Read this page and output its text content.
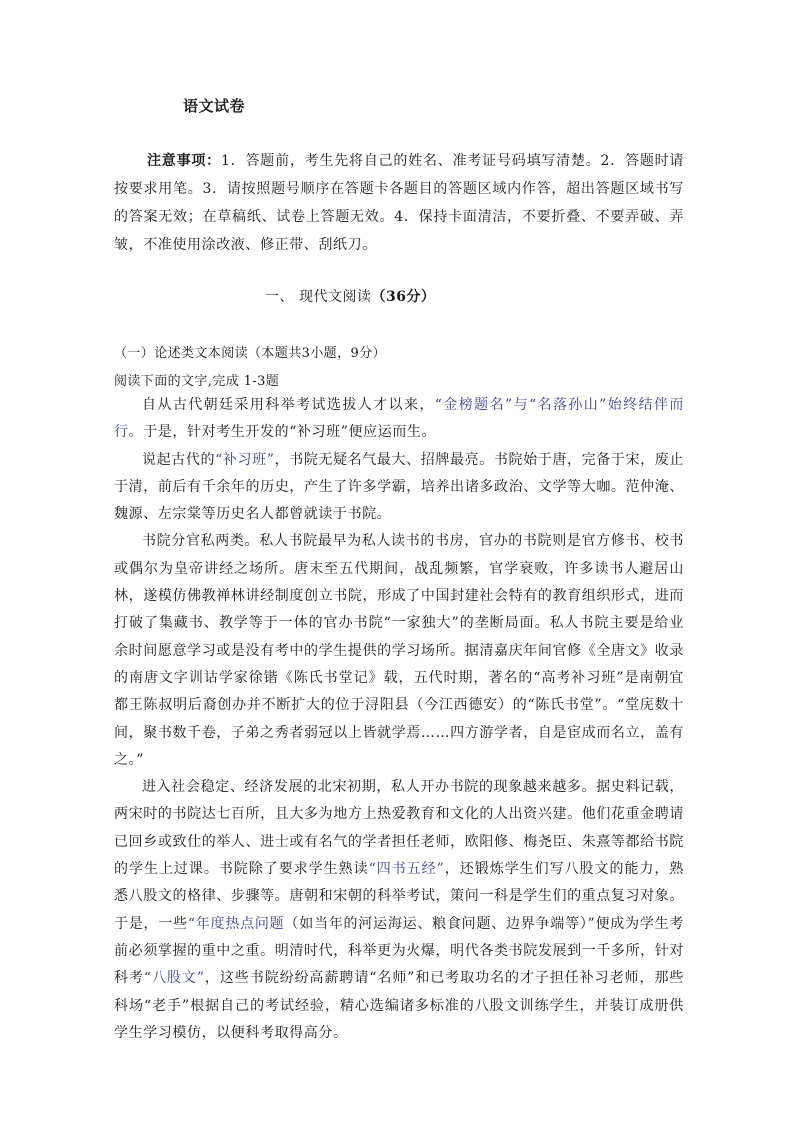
语文试卷
注意事项：1．答题前，考生先将自己的姓名、准考证号码填写清楚。2．答题时请按要求用笔。3．请按照题号顺序在答题卡各题目的答题区域内作答，超出答题区域书写的答案无效；在草稿纸、试卷上答题无效。4．保持卡面清洁，不要折叠、不要弄破、弄皱，不准使用涂改液、修正带、刮纸刀。
一、 现代文阅读（36分）
（一）论述类文本阅读（本题共3小题，9分）
阅读下面的文字,完成 1-3题

自从古代朝廷采用科举考试选拔人才以来，“金榜题名”与“名落孙山”始终结伴而行。于是，针对考生开发的“补习班”便应运而生。

说起古代的“补习班”，书院无疑名气最大、招牌最亮。书院始于唐，完备于宋，废止于清，前后有千余年的历史，产生了许多学霸，培养出诸多政治、文学等大咖。范仲淹、魏源、左宗棠等历史名人都曾就读于书院。

书院分官私两类。私人书院最早为私人读书的书房，官办的书院则是官方修书、校书或偶尔为皇帝讲经之场所。唐末至五代期间，战乱频繁，官学衰败，许多读书人避居山林，遂模仿佛教禅林讲经制度创立书院，形成了中国封建社会特有的教育组织形式，进而打破了集藏书、教学等于一体的官办书院“一家独大”的垄断局面。私人书院主要是给业余时间愿意学习或是没有考中的学生提供的学习场所。据清嘉庆年间官修《全唐文》收录的南唐文字训诂学家徐锴《陈氏书堂记》载，五代时期，著名的“高考补习班”是南朝宜都王陈叔明后裔创办并不断扩大的位于浔阳县（今江西德安）的“陈氏书堂”。“堂庑数十间，聚书数千卷，子弟之秀者弱冠以上皆就学焉……四方游学者，自是宦成而名立，盖有之。”

进入社会稳定、经济发展的北宋初期，私人开办书院的现象越来越多。据史料记载，两宋时的书院达七百所，且大多为地方上热爱教育和文化的人出资兴建。他们花重金聘请已回乡或致仕的举人、进士或有名气的学者担任老师，欧阳修、梅尧臣、朱熹等都给书院的学生上过课。书院除了要求学生熟读“四书五经”，还锻炼学生们写八股文的能力，熟悉八股文的格律、步骤等。唐朝和宋朝的科举考试，策问一科是学生们的重点复习对象。于是，一些“年度热点问题（如当年的河运海运、粮食问题、边界争端等）”便成为学生考前必须掌握的重中之重。明清时代，科举更为火爆，明代各类书院发展到一千多所，针对科考“八股文”，这些书院纷纷高薪聘请“名师”和已考取功名的才子担任补习老师，那些科场“老手”根据自己的考试经验，精心选编诸多标准的八股文训练学生，并装订成册供学生学习模仿，以便科考取得高分。
